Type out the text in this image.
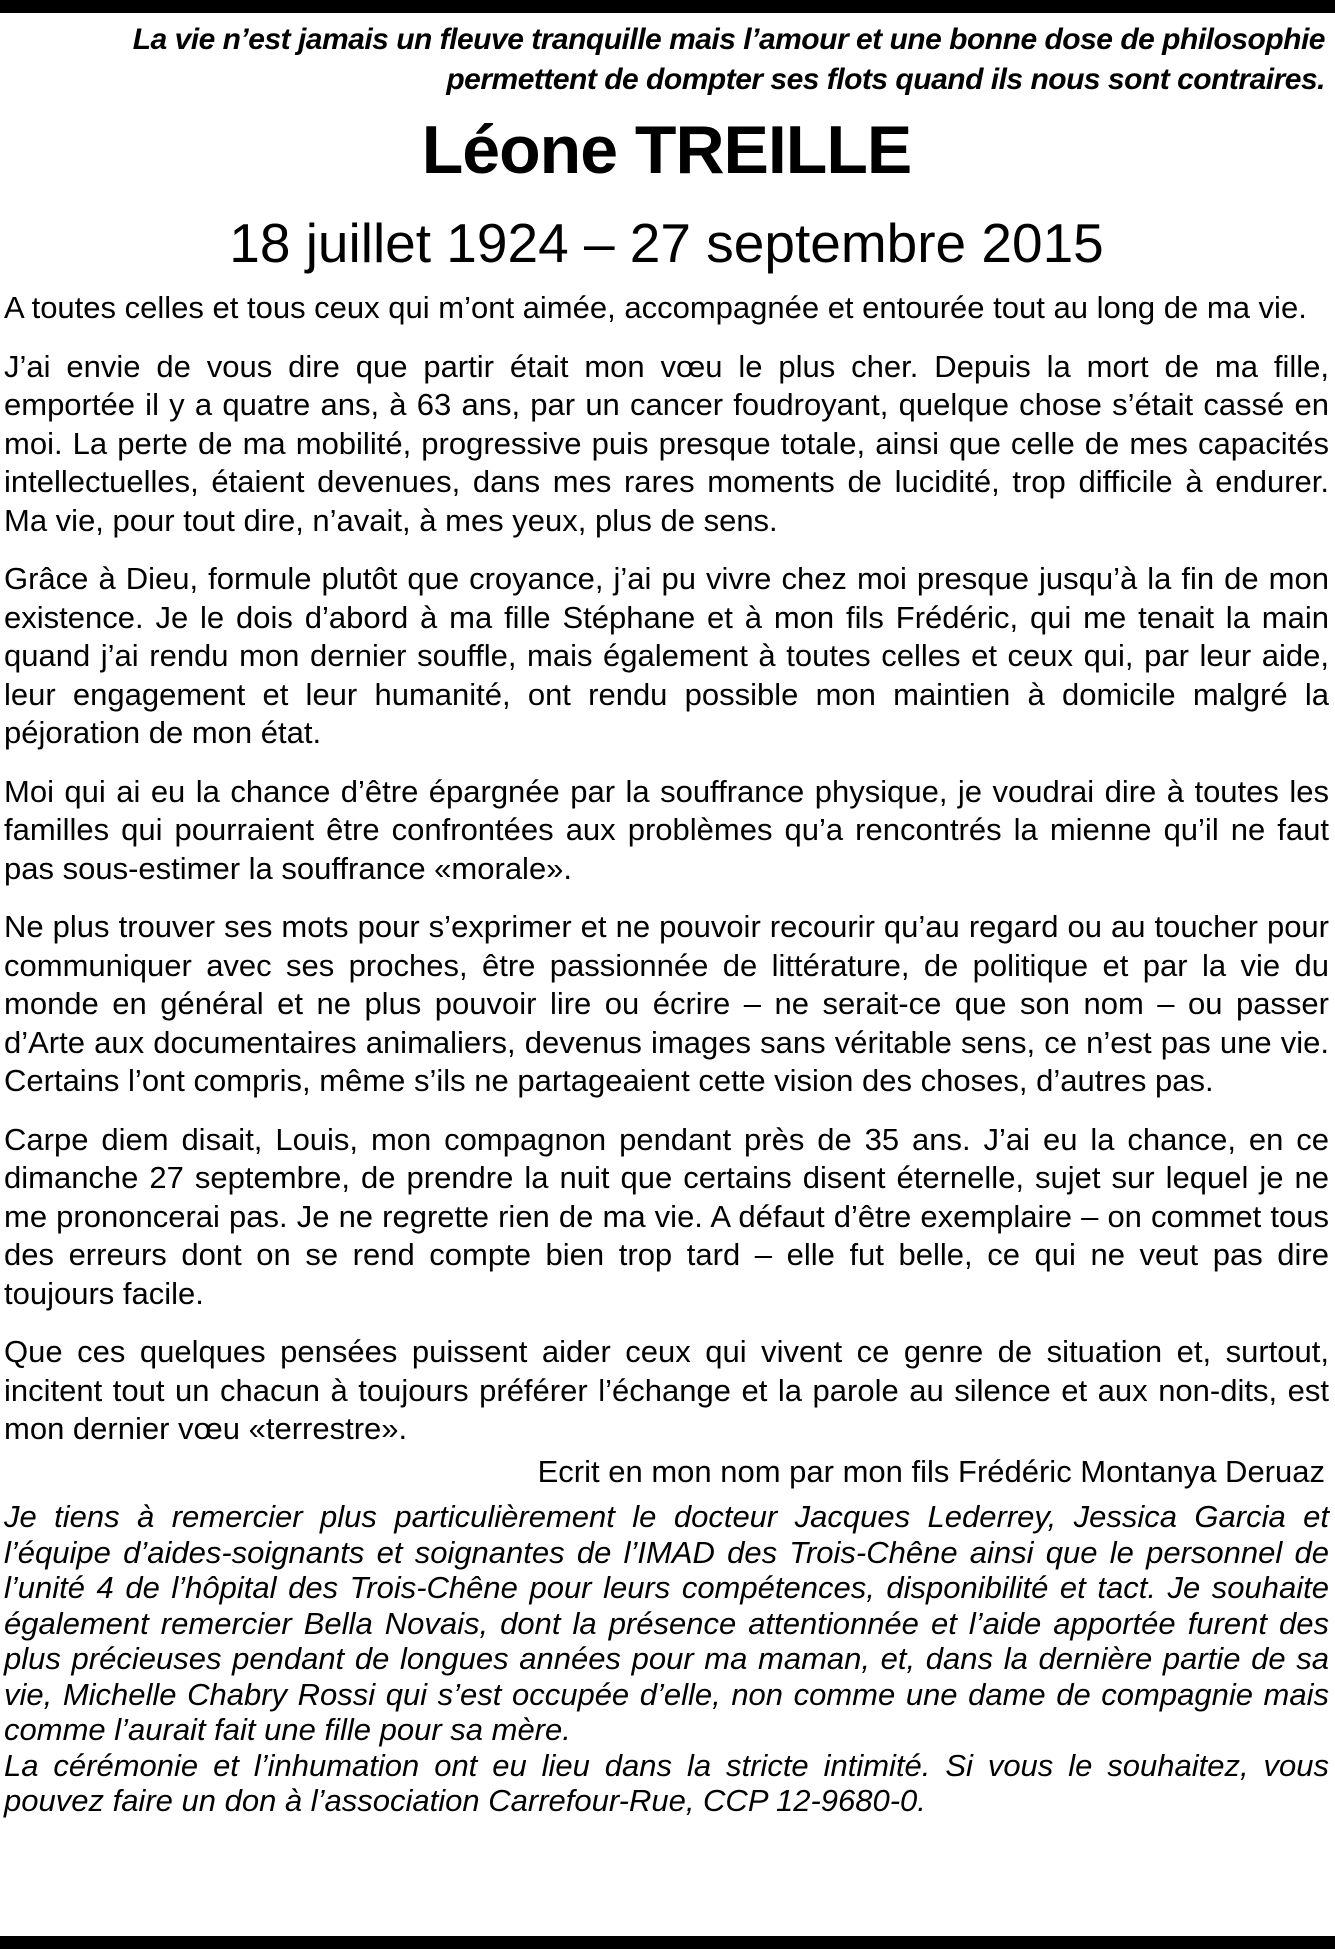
La vie n’est jamais un fleuve tranquille mais l’amour et une bonne dose de philosophie
permettent de dompter ses flots quand ils nous sont contraires.
Léone TREILLE
18 juillet 1924 – 27 septembre 2015

A toutes celles et tous ceux qui m’ont aimée, accompagnée et entourée tout au long de ma vie.

J’ai envie de vous dire que partir était mon vœu le plus cher. Depuis la mort de ma fille, emportée il y a quatre ans, à 63 ans, par un cancer foudroyant, quelque chose s’était cassé en moi. La perte de ma mobilité, progressive puis presque totale, ainsi que celle de mes capacités intellectuelles, étaient devenues, dans mes rares moments de lucidité, trop difficile à endurer. Ma vie, pour tout dire, n’avait, à mes yeux, plus de sens.

Grâce à Dieu, formule plutôt que croyance, j’ai pu vivre chez moi presque jusqu’à la fin de mon existence. Je le dois d’abord à ma fille Stéphane et à mon fils Frédéric, qui me tenait la main quand j’ai rendu mon dernier souffle, mais également à toutes celles et ceux qui, par leur aide, leur engagement et leur humanité, ont rendu possible mon maintien à domicile malgré la péjoration de mon état.

Moi qui ai eu la chance d’être épargnée par la souffrance physique, je voudrai dire à toutes les familles qui pourraient être confrontées aux problèmes qu’a rencontrés la mienne qu’il ne faut pas sous-estimer la souffrance «morale».

Ne plus trouver ses mots pour s’exprimer et ne pouvoir recourir qu’au regard ou au toucher pour communiquer avec ses proches, être passionnée de littérature, de politique et par la vie du monde en général et ne plus pouvoir lire ou écrire – ne serait-ce que son nom – ou passer d’Arte aux documentaires animaliers, devenus images sans véritable sens, ce n’est pas une vie. Certains l’ont compris, même s’ils ne partageaient cette vision des choses, d’autres pas.

Carpe diem disait, Louis, mon compagnon pendant près de 35 ans. J’ai eu la chance, en ce dimanche 27 septembre, de prendre la nuit que certains disent éternelle, sujet sur lequel je ne me prononcerai pas. Je ne regrette rien de ma vie. A défaut d’être exemplaire – on commet tous des erreurs dont on se rend compte bien trop tard – elle fut belle, ce qui ne veut pas dire toujours facile.

Que ces quelques pensées puissent aider ceux qui vivent ce genre de situation et, surtout, incitent tout un chacun à toujours préférer l’échange et la parole au silence et aux non-dits, est mon dernier vœu «terrestre».

Ecrit en mon nom par mon fils Frédéric Montanya Deruaz

Je tiens à remercier plus particulièrement le docteur Jacques Lederrey, Jessica Garcia et l’équipe d’aides-soignants et soignantes de l’IMAD des Trois-Chêne ainsi que le personnel de l’unité 4 de l’hôpital des Trois-Chêne pour leurs compétences, disponibilité et tact. Je souhaite également remercier Bella Novais, dont la présence attentionnée et l’aide apportée furent des plus précieuses pendant de longues années pour ma maman, et, dans la dernière partie de sa vie, Michelle Chabry Rossi qui s’est occupée d’elle, non comme une dame de compagnie mais comme l’aurait fait une fille pour sa mère.

La cérémonie et l’inhumation ont eu lieu dans la stricte intimité. Si vous le souhaitez, vous pouvez faire un don à l’association Carrefour-Rue, CCP 12-9680-0.
